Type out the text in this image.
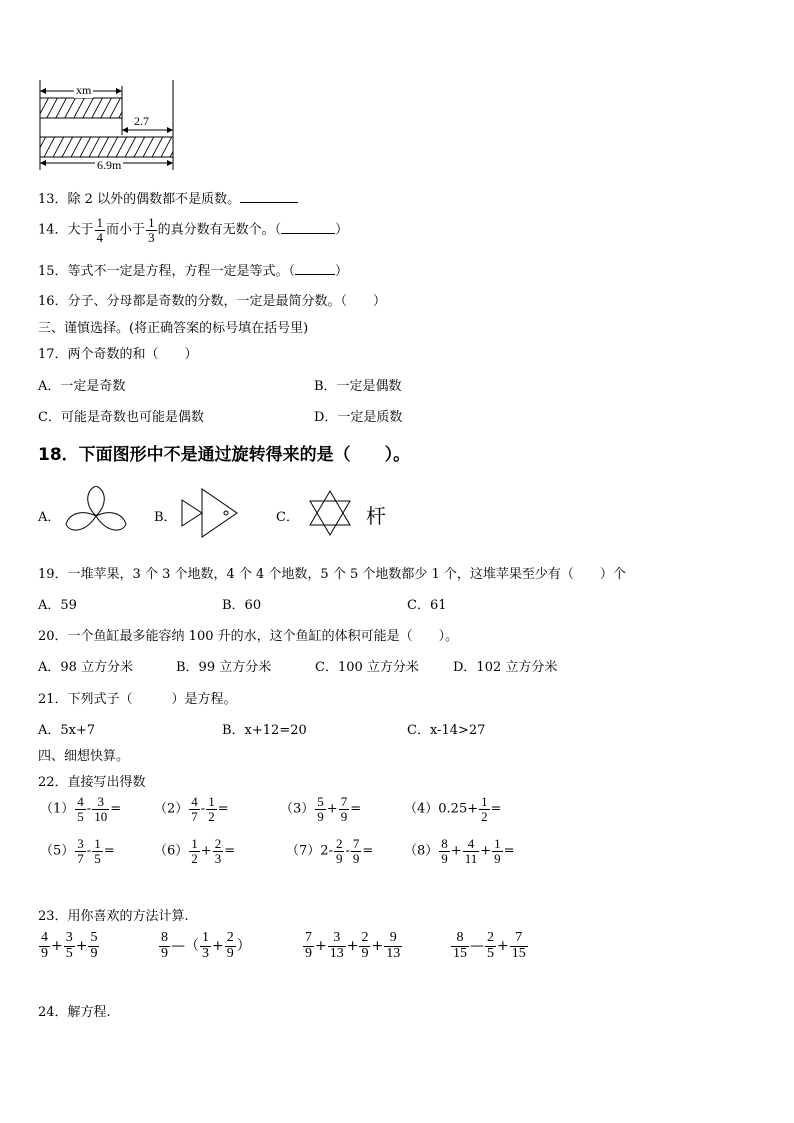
xm
2.7
6.9m
13．除 2 以外的偶数都不是质数。
14．大于 $\frac{1}{4}$ 而小于 $\frac{1}{3}$ 的真分数有无数个。（	）
15．等式不一定是方程，方程一定是等式。（	）
16．分子、分母都是奇数的分数，一定是最简分数。（　　）
三、谨慎选择。(将正确答案的标号填在括号里)
17．两个奇数的和（　　）
A．一定是奇数	B．一定是偶数
C．可能是奇数也可能是偶数	D．一定是质数
18．下面图形中不是通过旋转得来的是（　　）。
A．	B．	C．	杆
19．一堆苹果，3 个 3 个地数，4 个 4 个地数，5 个 5 个地数都少 1 个，这堆苹果至少有（　　）个
A．59	B．60	C．61
20．一个鱼缸最多能容纳 100 升的水，这个鱼缸的体积可能是（　　）。
A．98 立方分米	B．99 立方分米	C．100 立方分米	D．102 立方分米
21．下列式子（　　　）是方程。
A．5x+7	B．x+12=20	C．x-14>27
四、细想快算。
22．直接写出得数
$(1) \frac{4}{5} - \frac{3}{10}$ =	$(2) \frac{4}{7} - \frac{1}{2}$ =	$(3) \frac{5}{9} + \frac{7}{9}$ =	$(4)0.25+ \frac{1}{2}$ =
$(5) \frac{3}{7} - \frac{1}{5}$ =	$(6) \frac{1}{2} + \frac{2}{3}$ =	$(7)2- \frac{2}{9} - \frac{7}{9} = (8) \frac{8}{9} + \frac{4}{11} + \frac{1}{9}$ =
23．用你喜欢的方法计算.
$\frac{4}{9} + \frac{3}{5} + \frac{5}{9}$	$\frac{8}{9}$ —（ $\frac{1}{3} + \frac{2}{9}$ ）	$\frac{7}{9} + \frac{3}{13} + \frac{2}{9} + \frac{9}{13}$	$\frac{8}{15}$ — $\frac{2}{5} + \frac{7}{15}$
24．解方程.
